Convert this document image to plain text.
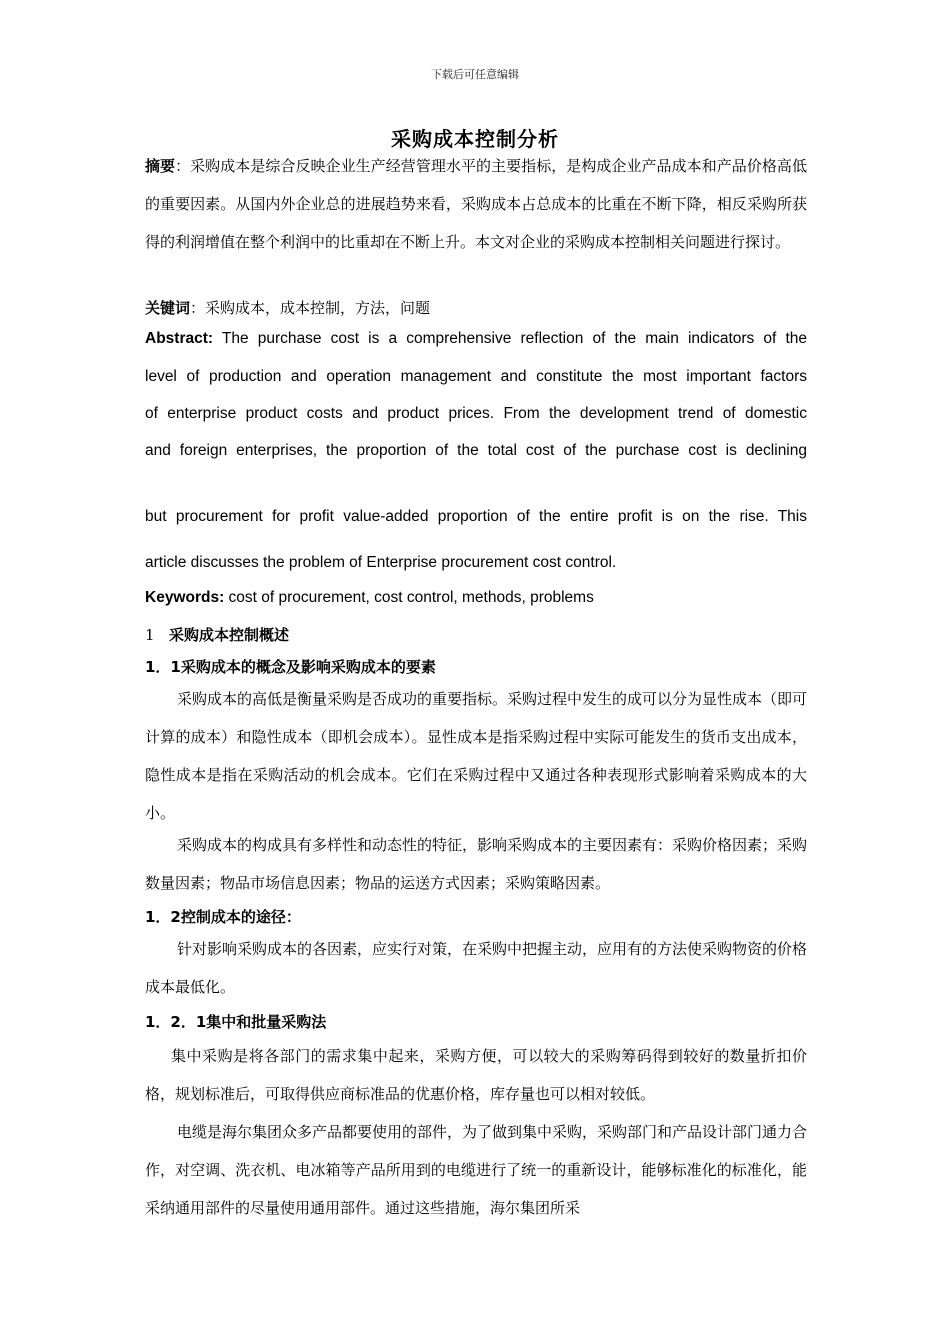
下载后可任意编辑
采购成本控制分析
摘要：采购成本是综合反映企业生产经营管理水平的主要指标，是构成企业产品成本和产品价格高低的重要因素。从国内外企业总的进展趋势来看，采购成本占总成本的比重在不断下降，相反采购所获得的利润增值在整个利润中的比重却在不断上升。本文对企业的采购成本控制相关问题进行探讨。
关键词：采购成本，成本控制，方法，问题
Abstract: The purchase cost is a comprehensive reflection of the main indicators of the
level of production and operation management and constitute the most important factors
of enterprise product costs and product prices. From the development trend of domestic
and foreign enterprises, the proportion of the total cost of the purchase cost is declining
but procurement for profit value-added proportion of the entire profit is on the rise. This
article discusses the problem of Enterprise procurement cost control.
Keywords: cost of procurement, cost control, methods, problems
1 采购成本控制概述
1．1采购成本的概念及影响采购成本的要素
采购成本的高低是衡量采购是否成功的重要指标。采购过程中发生的成可以分为显性成本（即可计算的成本）和隐性成本（即机会成本）。显性成本是指采购过程中实际可能发生的货币支出成本，隐性成本是指在采购活动的机会成本。它们在采购过程中又通过各种表现形式影响着采购成本的大小。
采购成本的构成具有多样性和动态性的特征，影响采购成本的主要因素有：采购价格因素；采购数量因素；物品市场信息因素；物品的运送方式因素；采购策略因素。
1．2控制成本的途径：
针对影响采购成本的各因素，应实行对策，在采购中把握主动，应用有的方法使采购物资的价格成本最低化。
1．2．1集中和批量采购法
集中采购是将各部门的需求集中起来，采购方便，可以较大的采购筹码得到较好的数量折扣价格，规划标准后，可取得供应商标准品的优惠价格，库存量也可以相对较低。
电缆是海尔集团众多产品都要使用的部件，为了做到集中采购，采购部门和产品设计部门通力合作，对空调、洗衣机、电冰箱等产品所用到的电缆进行了统一的重新设计，能够标准化的标准化，能采纳通用部件的尽量使用通用部件。通过这些措施，海尔集团所采
